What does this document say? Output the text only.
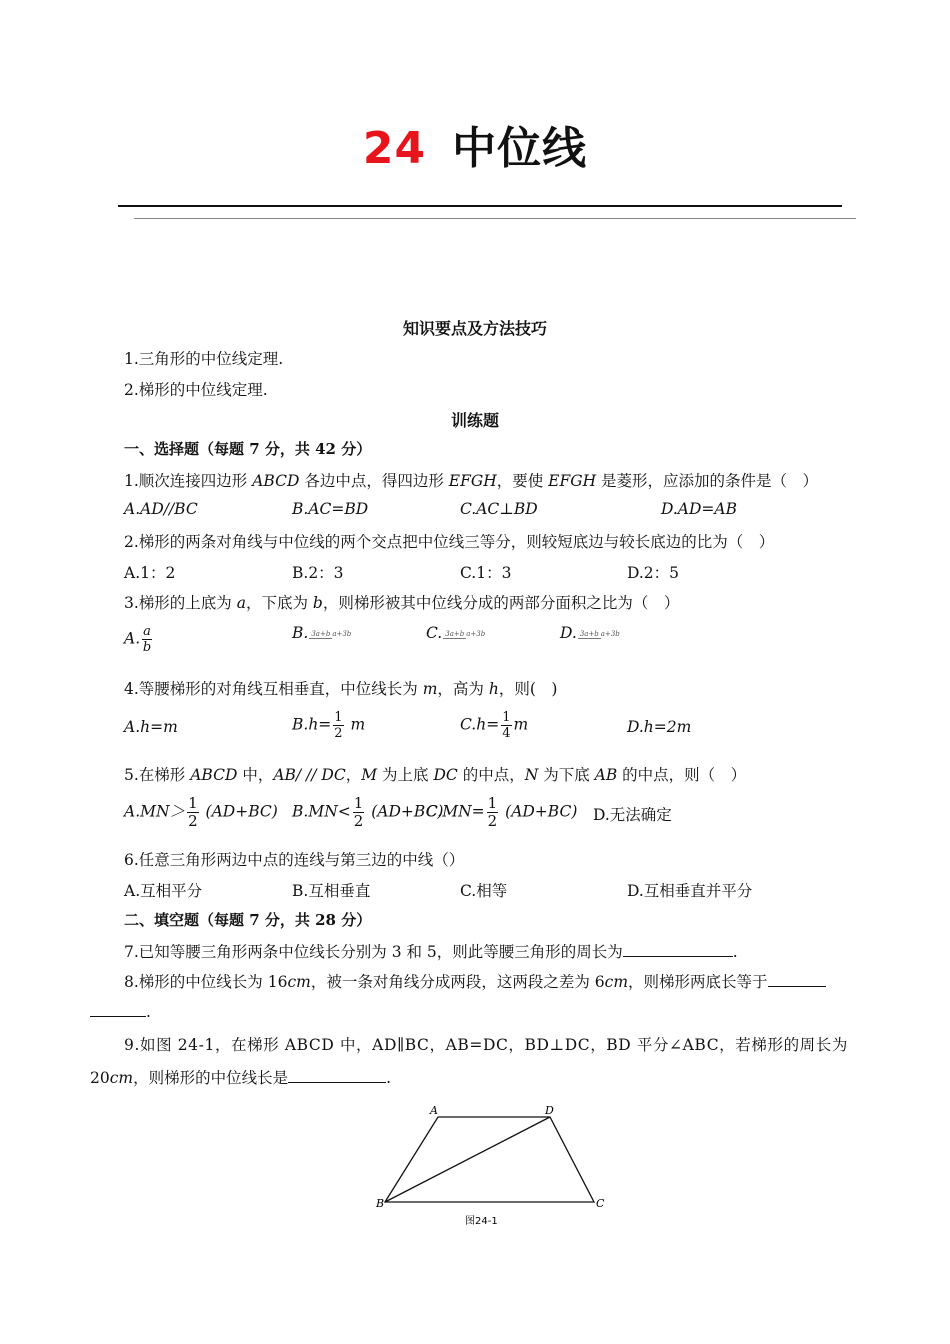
24 中位线
知识要点及方法技巧
1.三角形的中位线定理.
2.梯形的中位线定理.
训练题
一、选择题（每题 7 分，共 42 分）
1.顺次连接四边形 ABCD 各边中点，得四边形 EFGH，要使 EFGH 是菱形，应添加的条件是（　）
A.AD//BC	B.AC=BD	C.AC⊥BD	D.AD=AB
2.梯形的两条对角线与中位线的两个交点把中位线三等分，则较短底边与较长底边的比为（　）
A.1：2	B.2：3	C.1：3	D.2：5
3.梯形的上底为 a，下底为 b，则梯形被其中位线分成的两部分面积之比为（　）
A. $\frac{a}{b}$	B. 3a+b a+3b	C. 3a+b a+3b	D. 3a+b a+3b
4.等腰梯形的对角线互相垂直，中位线长为 m，高为 h，则(　)
A.h=m	$B.h= \frac{1}{2}$ m	$C.h= \frac{1}{4}$ m	D.h=2m
5.在梯形 ABCD 中，AB/ // DC，M 为上底 DC 的中点，N 为下底 AB 的中点，则（　）
$A.MN> \frac{1}{2} (AD+BC)$ $B.MN< \frac{1}{2} (AD+BC)$
$C.MN= \frac{1}{2} (AD+BC)$ D.无法确定
6.任意三角形两边中点的连线与第三边的中线（）
A.互相平分	B.互相垂直	C.相等	D.互相垂直并平分
二、填空题（每题 7 分，共 28 分）
7.已知等腰三角形两条中位线长分别为 3 和 5，则此等腰三角形的周长为	.
8.梯形的中位线长为 16cm，被一条对角线分成两段，这两段之差为 6cm，则梯形两底长等于
.
9.如图 24-1，在梯形 ABCD 中，AD∥BC，AB=DC，BD⊥DC，BD 平分∠ABC，若梯形的周长为
20cm，则梯形的中位线长是	.
A	D
B	C
图24-1
